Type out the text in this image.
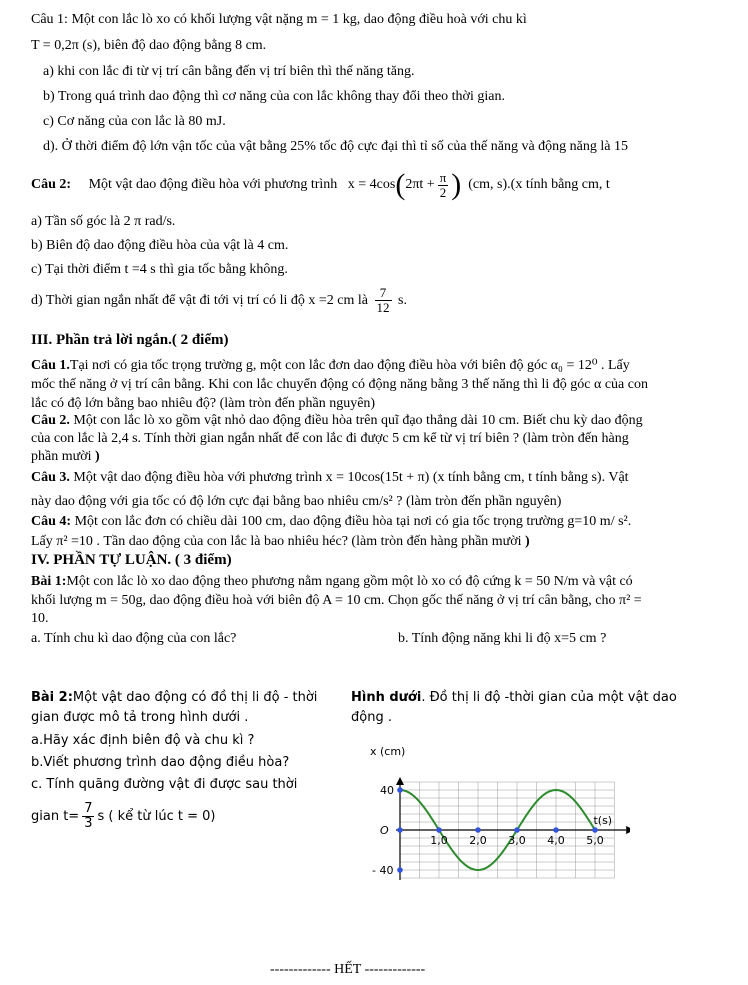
Câu 1: Một con lắc lò xo có khối lượng vật nặng m = 1 kg, dao động điều hoà với chu kì
T = 0,2π (s), biên độ dao động bằng 8 cm.
a) khi con lắc đi từ vị trí cân bằng đến vị trí biên thì thế năng tăng.
b) Trong quá trình dao động thì cơ năng của con lắc không thay đổi theo thời gian.
c) Cơ năng của con lắc là 80 mJ.
d). Ở thời điểm độ lớn vận tốc của vật bằng 25% tốc độ cực đại thì tỉ số của thế năng và động năng là 15
Câu 2: Một vật dao động điều hòa với phương trình $x = 4\cos(2\pi t + \frac{\pi}{2}$ ) (cm, s).(x tính bằng cm, t
a) Tần số góc là 2 π rad/s.
b) Biên độ dao động điều hòa của vật là 4 cm.
c) Tại thời điểm t =4 s thì gia tốc bằng không.
d) Thời gian ngắn nhất để vật đi tới vị trí có li độ x =2 cm là $\frac{7}{12} s$.
III. Phần trả lời ngắn.( 2 điểm)
Câu 1.Tại nơi có gia tốc trọng trường g, một con lắc đơn dao động điều hòa với biên độ góc α₀ = 12⁰ . Lấy
mốc thế năng ở vị trí cân bằng. Khi con lắc chuyển động có động năng bằng 3 thế năng thì li độ góc α của con
lắc có độ lớn bằng bao nhiêu độ? (làm tròn đến phần nguyên)
Câu 2. Một con lắc lò xo gồm vật nhỏ dao động điều hòa trên quĩ đạo thẳng dài 10 cm. Biết chu kỳ dao động
của con lắc là 2,4 s. Tính thời gian ngắn nhất để con lắc đi được 5 cm kể từ vị trí biên ? (làm tròn đến hàng
phần mười )
Câu 3. Một vật dao động điều hòa với phương trình x = 10cos(15t + π) (x tính bằng cm, t tính bằng s). Vật
này dao động với gia tốc có độ lớn cực đại bằng bao nhiêu cm/s² ? (làm tròn đến phần nguyên)
Câu 4: Một con lắc đơn có chiều dài 100 cm, dao động điều hòa tại nơi có gia tốc trọng trường g=10 m/ s².
Lấy π² =10 . Tần dao động của con lắc là bao nhiêu héc? (làm tròn đến hàng phần mười )
IV. PHẦN TỰ LUẬN. ( 3 điểm)
Bài 1:Một con lắc lò xo dao động theo phương nằm ngang gồm một lò xo có độ cứng k = 50 N/m và vật có
khối lượng m = 50g, dao động điều hoà với biên độ A = 10 cm. Chọn gốc thế năng ở vị trí cân bằng, cho π² =
10.
a. Tính chu kì dao động của con lắc?	b. Tính động năng khi li độ x=5 cm ?
Bài 2:Một vật dao động có đồ thị li độ - thời
gian được mô tả trong hình dưới .
a.Hãy xác định biên độ và chu kì ?
b.Viết phương trình dao động điều hòa?
c. Tính quãng đường vật đi được sau thời
gian $t= \frac{7}{3}$ s ( kể từ lúc t = 0)
Hình dưới. Đồ thị li độ -thời gian của một vật dao
động .
x (cm)
t(s)
O
40
- 40
1,0 2,0 3,0 4,0 5,0
------------- HẾT -------------
